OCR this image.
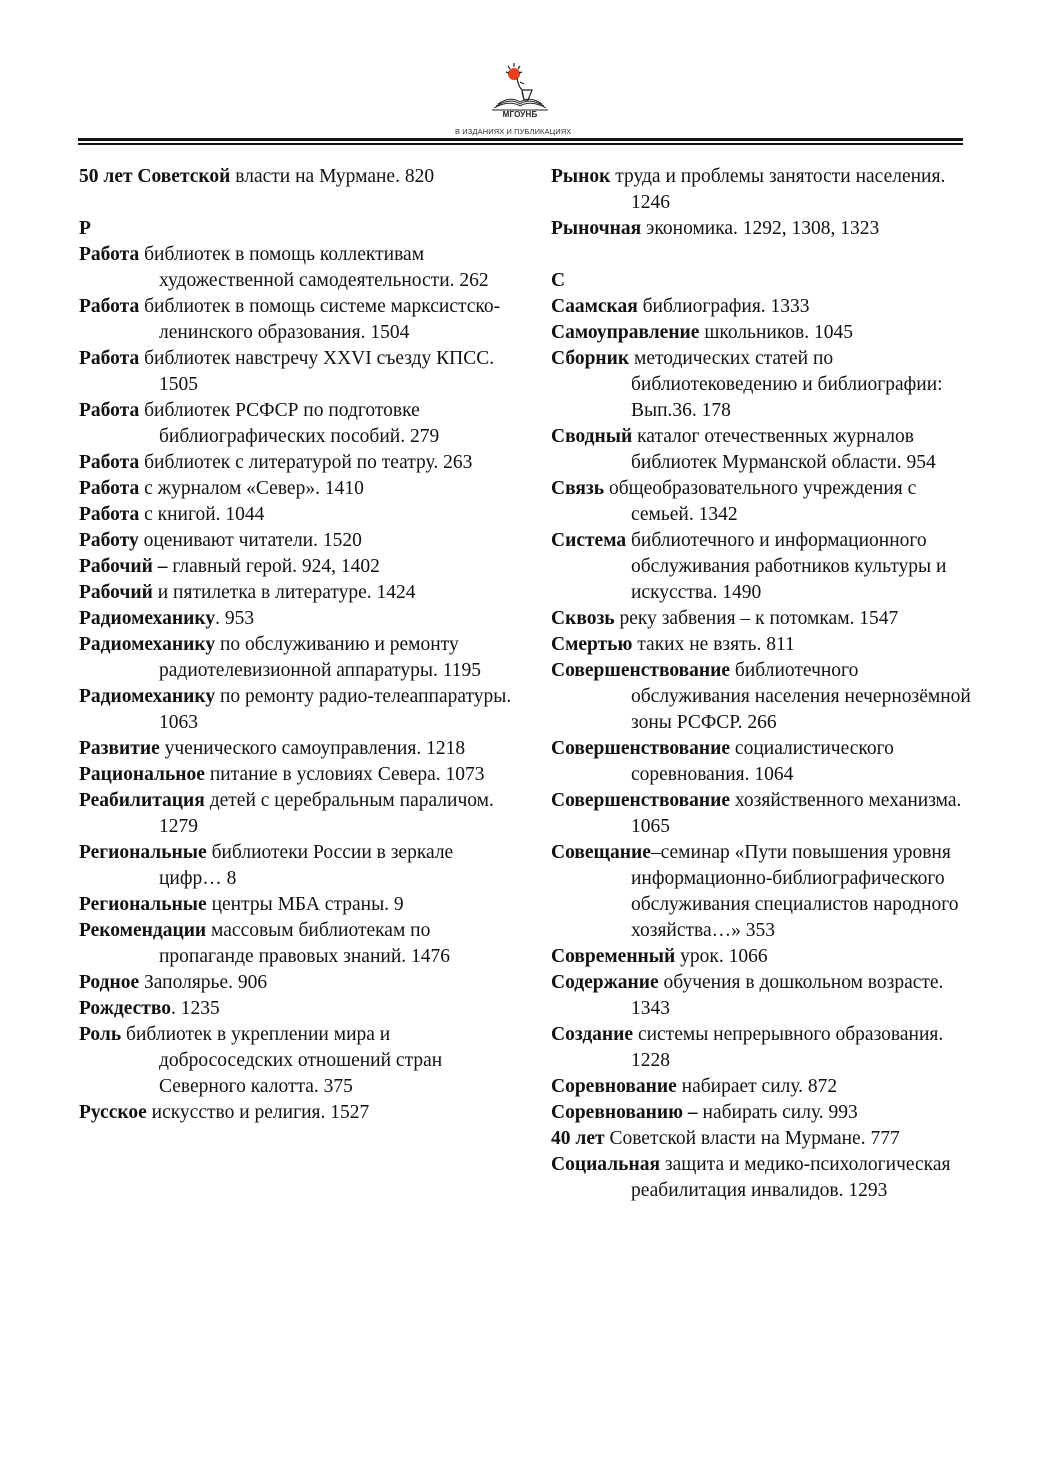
МГОУНБ
В ИЗДАНИЯХ И ПУБЛИКАЦИЯХ
50 лет Советской власти на Мурмане. 820
Р
Работа библиотек в помощь коллективам художественной самодеятельности. 262
Работа библиотек в помощь системе марксистско-ленинского образования. 1504
Работа библиотек навстречу XXVI съезду КПСС. 1505
Работа библиотек РСФСР по подготовке библиографических пособий. 279
Работа библиотек с литературой по театру. 263
Работа с журналом «Север». 1410
Работа с книгой. 1044
Работу оценивают читатели. 1520
Рабочий – главный герой. 924, 1402
Рабочий и пятилетка в литературе. 1424
Радиомеханику. 953
Радиомеханику по обслуживанию и ремонту радиотелевизионной аппаратуры. 1195
Радиомеханику по ремонту радио-телеаппаратуры. 1063
Развитие ученического самоуправления. 1218
Рациональное питание в условиях Севера. 1073
Реабилитация детей с церебральным параличом. 1279
Региональные библиотеки России в зеркале цифр… 8
Региональные центры МБА страны. 9
Рекомендации массовым библиотекам по пропаганде правовых знаний. 1476
Родное Заполярье. 906
Рождество. 1235
Роль библиотек в укреплении мира и добрососедских отношений стран Северного калотта. 375
Русское искусство и религия. 1527
Рынок труда и проблемы занятости населения. 1246
Рыночная экономика. 1292, 1308, 1323
С
Саамская библиография. 1333
Самоуправление школьников. 1045
Сборник методических статей по библиотековедению и библиографии: Вып.36. 178
Сводный каталог отечественных журналов библиотек Мурманской области. 954
Связь общеобразовательного учреждения с семьей. 1342
Система библиотечного и информационного обслуживания работников культуры и искусства. 1490
Сквозь реку забвения – к потомкам. 1547
Смертью таких не взять. 811
Совершенствование библиотечного обслуживания населения нечернозёмной зоны РСФСР. 266
Совершенствование социалистического соревнования. 1064
Совершенствование хозяйственного механизма. 1065
Совещание–семинар «Пути повышения уровня информационно-библиографического обслуживания специалистов народного хозяйства…» 353
Современный урок. 1066
Содержание обучения в дошкольном возрасте. 1343
Создание системы непрерывного образования. 1228
Соревнование набирает силу. 872
Соревнованию – набирать силу. 993
40 лет Советской власти на Мурмане. 777
Социальная защита и медико-психологическая реабилитация инвалидов. 1293
